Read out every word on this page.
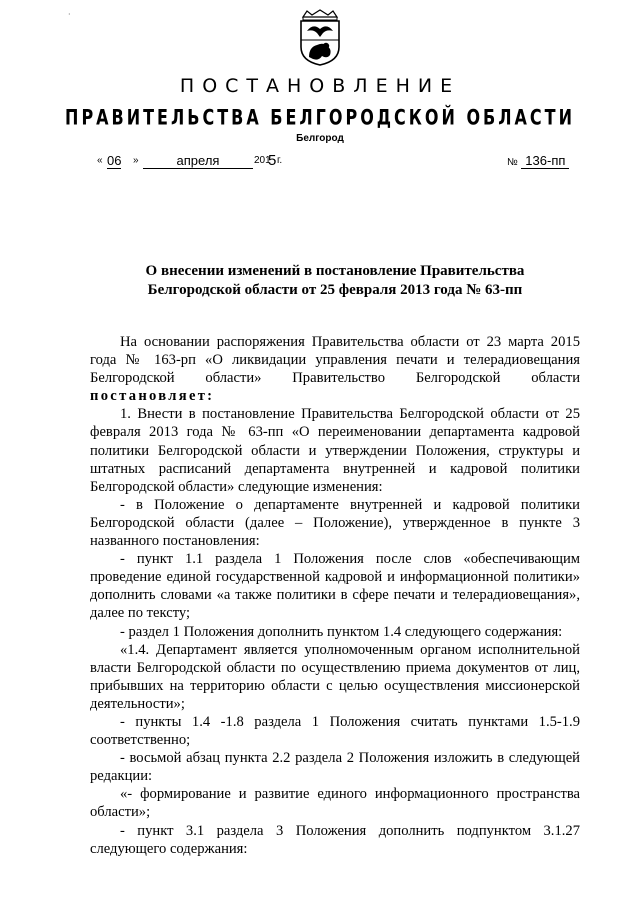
·
ПОСТАНОВЛЕНИЕ
ПРАВИТЕЛЬСТВА БЕЛГОРОДСКОЙ ОБЛАСТИ
Белгород
« 06 »	апреля	201
5 г.	№ 136-пп
О внесении изменений в постановление Правительства
Белгородской области от 25 февраля 2013 года № 63-пп

На основании распоряжения Правительства области от 23 марта 2015 года № 163-рп «О ликвидации управления печати и телерадиовещания Белгородской области» Правительство Белгородской области

постановляет:

1. Внести в постановление Правительства Белгородской области от 25 февраля 2013 года № 63-пп «О переименовании департамента кадровой политики Белгородской области и утверждении Положения, структуры и штатных расписаний департамента внутренней и кадровой политики Белгородской области» следующие изменения:

- в Положение о департаменте внутренней и кадровой политики Белгородской области (далее – Положение), утвержденное в пункте 3 названного постановления:

- пункт 1.1 раздела 1 Положения после слов «обеспечивающим проведение единой государственной кадровой и информационной политики» дополнить словами «а также политики в сфере печати и телерадиовещания», далее по тексту;

- раздел 1 Положения дополнить пунктом 1.4 следующего содержания:

«1.4. Департамент является уполномоченным органом исполнительной власти Белгородской области по осуществлению приема документов от лиц, прибывших на территорию области с целью осуществления миссионерской деятельности»;

- пункты 1.4 -1.8 раздела 1 Положения считать пунктами 1.5-1.9 соответственно;

- восьмой абзац пункта 2.2 раздела 2 Положения изложить в следующей редакции:

«- формирование и развитие единого информационного пространства области»;

- пункт 3.1 раздела 3 Положения дополнить подпунктом 3.1.27 следующего содержания:
